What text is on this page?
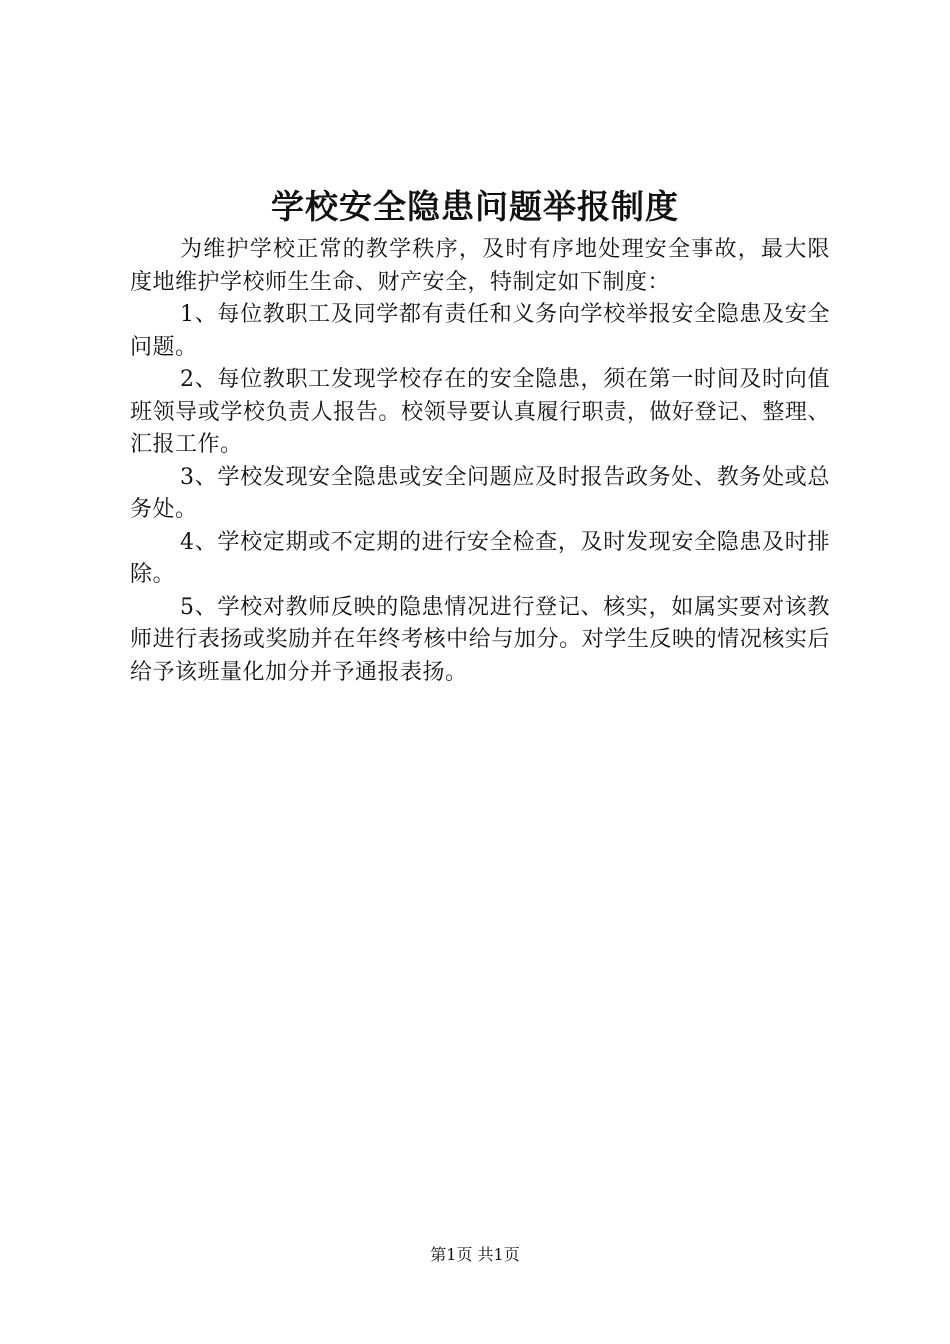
学校安全隐患问题举报制度

为维护学校正常的教学秩序，及时有序地处理安全事故，最大限度地维护学校师生生命、财产安全，特制定如下制度：

1、每位教职工及同学都有责任和义务向学校举报安全隐患及安全问题。

2、每位教职工发现学校存在的安全隐患，须在第一时间及时向值班领导或学校负责人报告。校领导要认真履行职责，做好登记、整理、汇报工作。

3、学校发现安全隐患或安全问题应及时报告政务处、教务处或总务处。

4、学校定期或不定期的进行安全检查，及时发现安全隐患及时排除。

5、学校对教师反映的隐患情况进行登记、核实，如属实要对该教师进行表扬或奖励并在年终考核中给与加分。对学生反映的情况核实后给予该班量化加分并予通报表扬。

第1页 共1页
